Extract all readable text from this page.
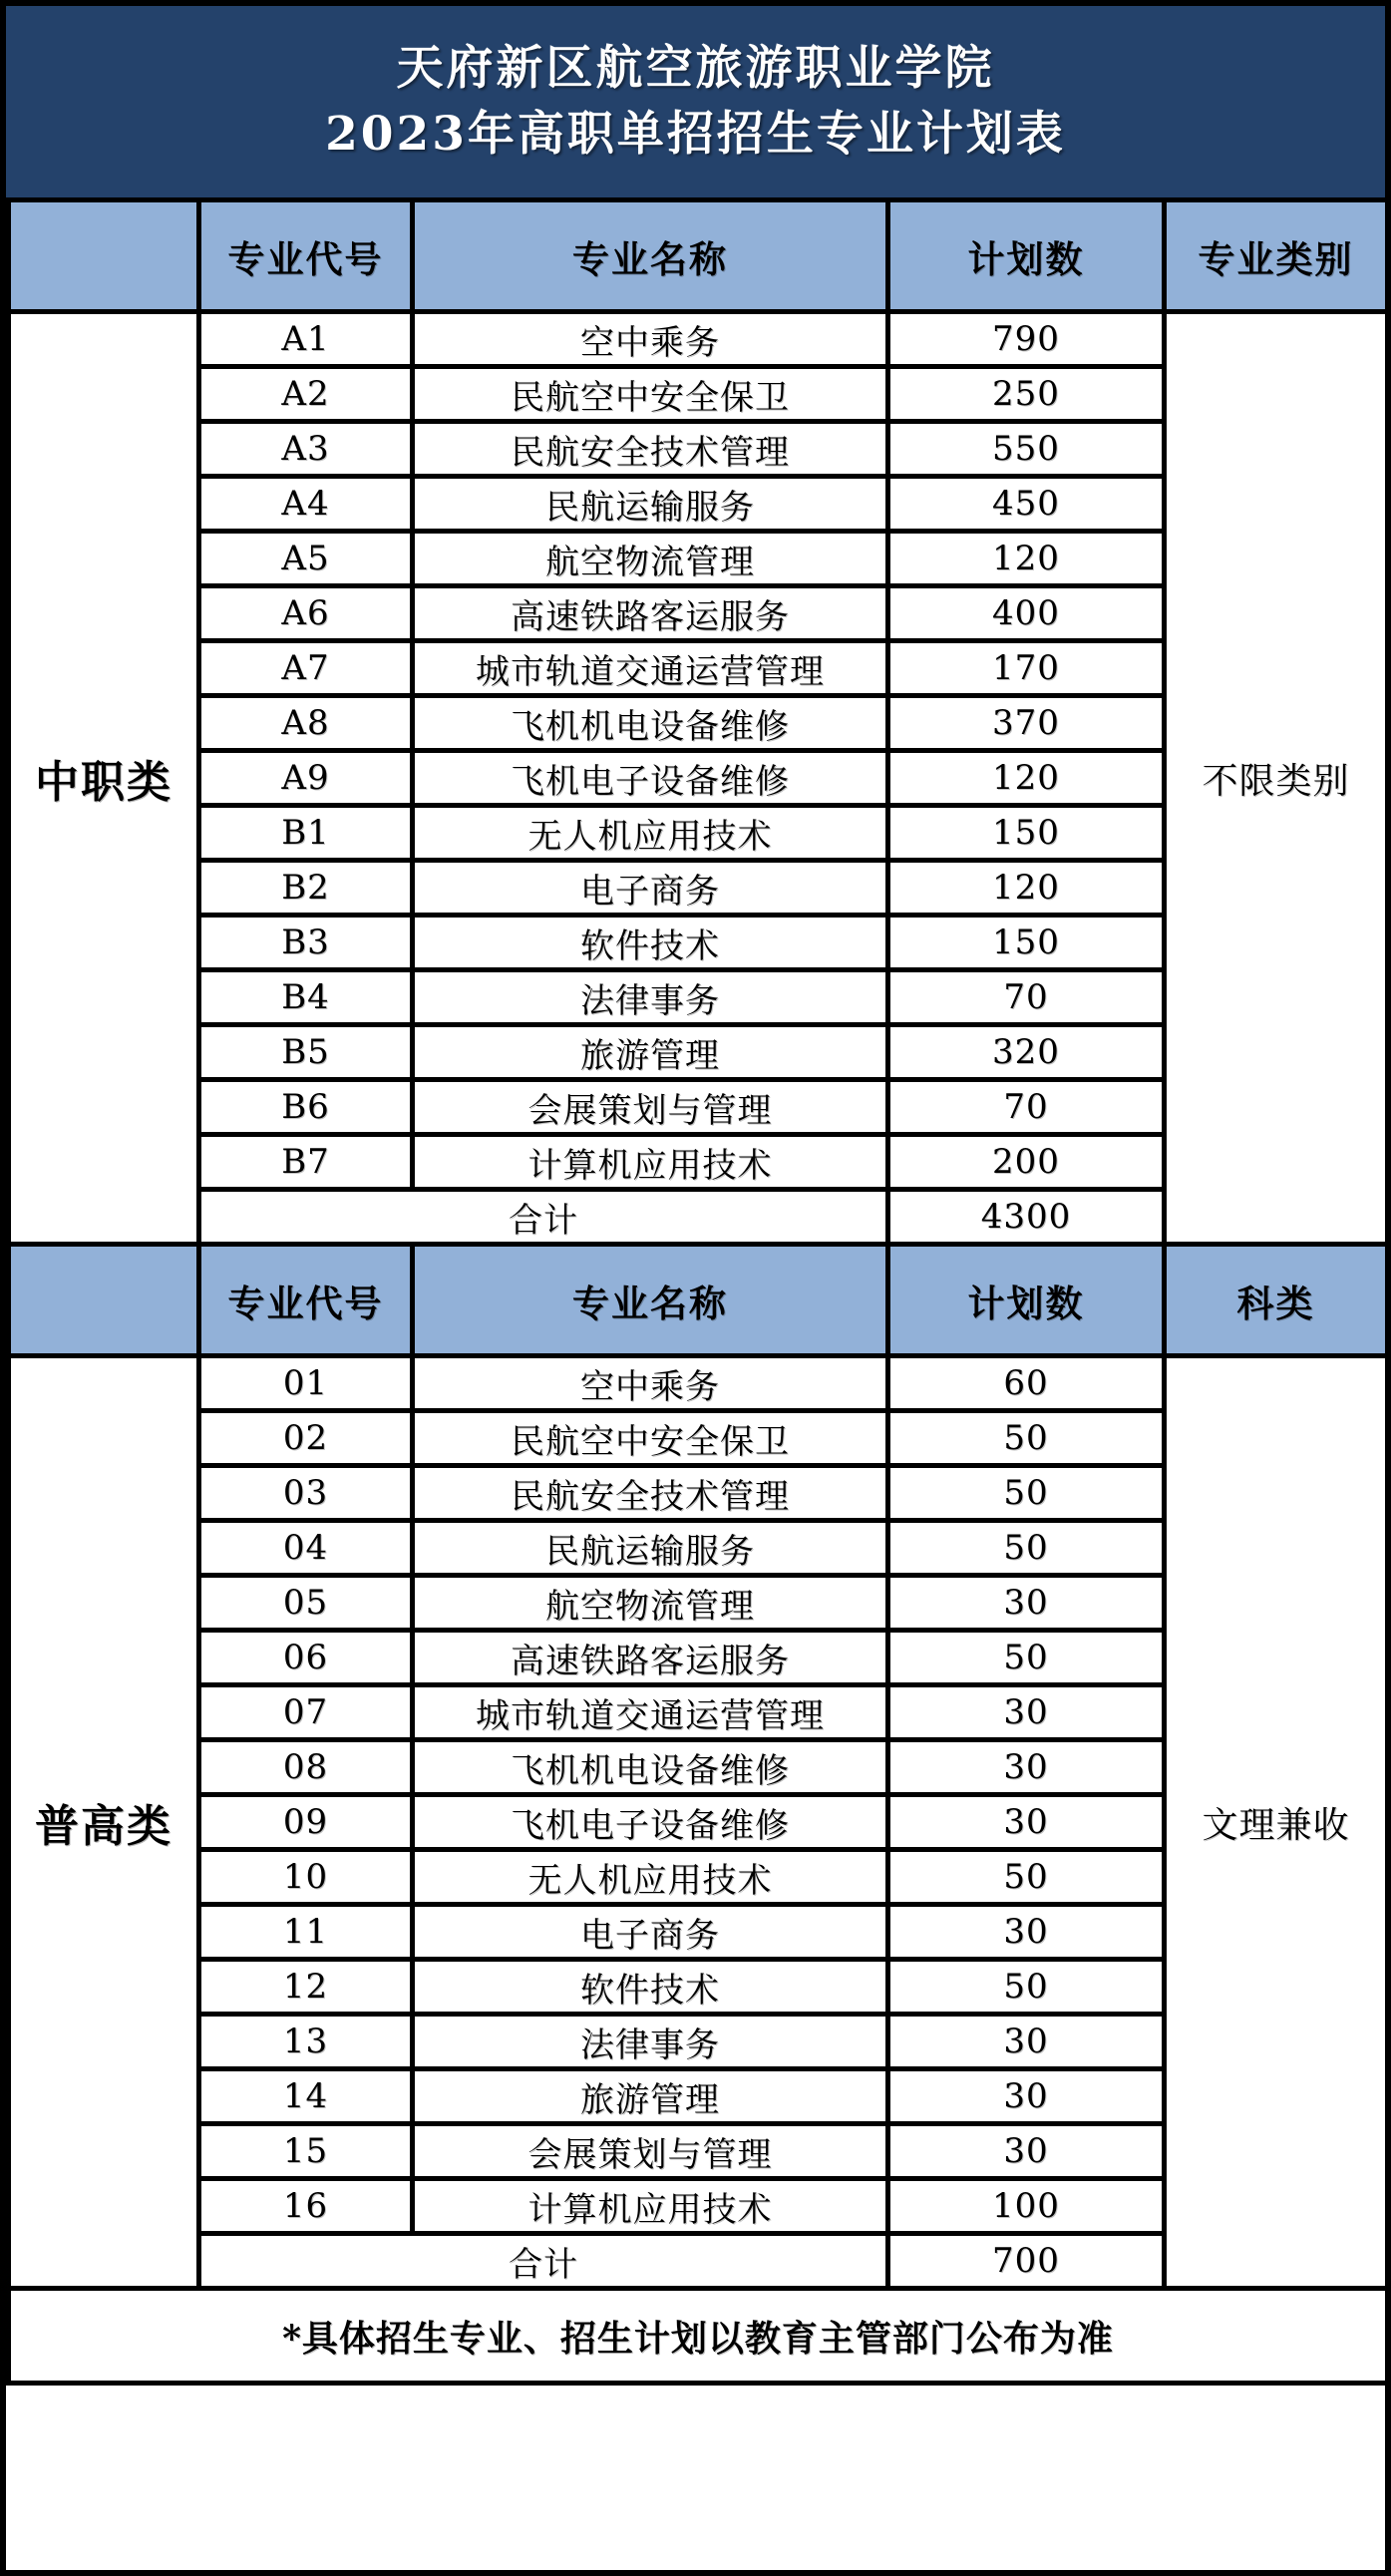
天府新区航空旅游职业学院
2023年高职单招招生专业计划表
	专业代号	专业名称	计划数	专业类别
中职类	A1	空中乘务	790	不限类别
	A2	民航空中安全保卫	250	
	A3	民航安全技术管理	550	
	A4	民航运输服务	450	
	A5	航空物流管理	120	
	A6	高速铁路客运服务	400	
	A7	城市轨道交通运营管理	170	
	A8	飞机机电设备维修	370	
	A9	飞机电子设备维修	120	
	B1	无人机应用技术	150	
	B2	电子商务	120	
	B3	软件技术	150	
	B4	法律事务	70	
	B5	旅游管理	320	
	B6	会展策划与管理	70	
	B7	计算机应用技术	200	
	合计		4300	
	专业代号	专业名称	计划数	科类
普高类	01	空中乘务	60	文理兼收
	02	民航空中安全保卫	50	
	03	民航安全技术管理	50	
	04	民航运输服务	50	
	05	航空物流管理	30	
	06	高速铁路客运服务	50	
	07	城市轨道交通运营管理	30	
	08	飞机机电设备维修	30	
	09	飞机电子设备维修	30	
	10	无人机应用技术	50	
	11	电子商务	30	
	12	软件技术	50	
	13	法律事务	30	
	14	旅游管理	30	
	15	会展策划与管理	30	
	16	计算机应用技术	100	
	合计		700	
*具体招生专业、招生计划以教育主管部门公布为准				
